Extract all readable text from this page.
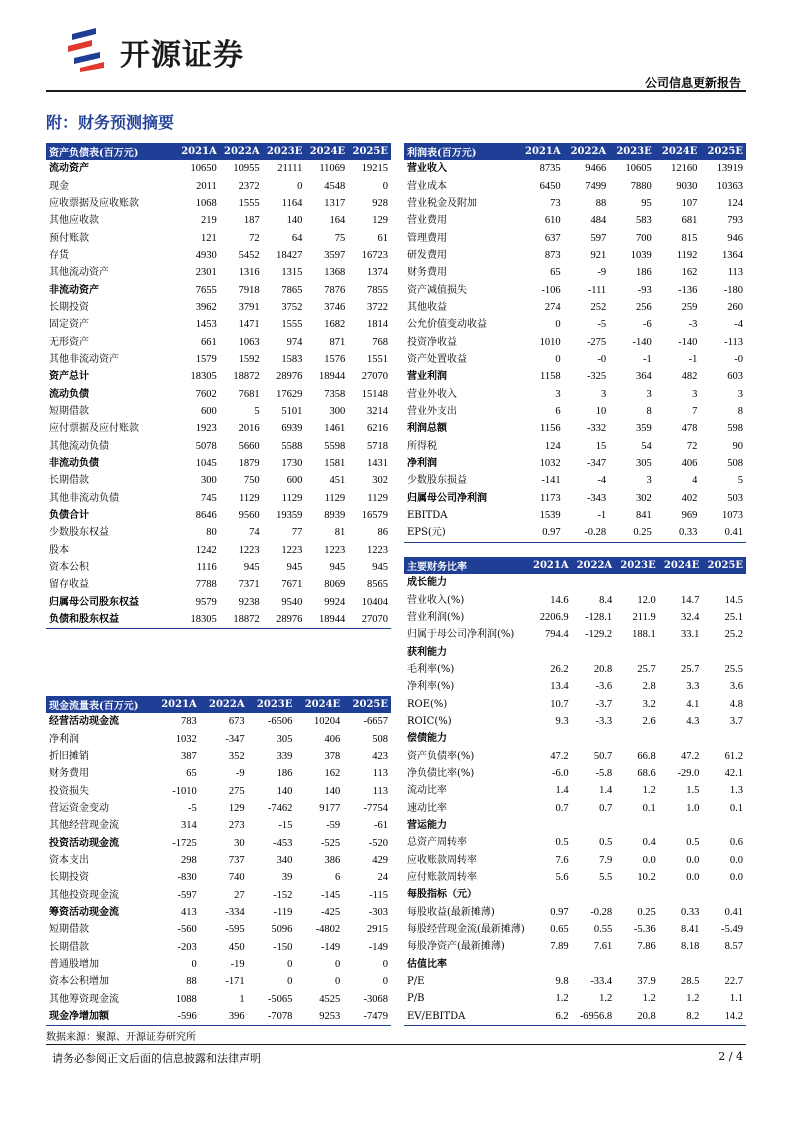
开源证券
公司信息更新报告
附：财务预测摘要
资产负债表(百万元)	2021A	2022A	2023E	2024E	2025E
流动资产	10650	10955	21111	11069	19215
现金	2011	2372	0	4548	0
应收票据及应收账款	1068	1555	1164	1317	928
其他应收款	219	187	140	164	129
预付账款	121	72	64	75	61
存货	4930	5452	18427	3597	16723
其他流动资产	2301	1316	1315	1368	1374
非流动资产	7655	7918	7865	7876	7855
长期投资	3962	3791	3752	3746	3722
固定资产	1453	1471	1555	1682	1814
无形资产	661	1063	974	871	768
其他非流动资产	1579	1592	1583	1576	1551
资产总计	18305	18872	28976	18944	27070
流动负债	7602	7681	17629	7358	15148
短期借款	600	5	5101	300	3214
应付票据及应付账款	1923	2016	6939	1461	6216
其他流动负债	5078	5660	5588	5598	5718
非流动负债	1045	1879	1730	1581	1431
长期借款	300	750	600	451	302
其他非流动负债	745	1129	1129	1129	1129
负债合计	8646	9560	19359	8939	16579
少数股东权益	80	74	77	81	86
股本	1242	1223	1223	1223	1223
资本公积	1116	945	945	945	945
留存收益	7788	7371	7671	8069	8565
归属母公司股东权益	9579	9238	9540	9924	10404
负债和股东权益	18305	18872	28976	18944	27070
利润表(百万元)	2021A	2022A	2023E	2024E	2025E
营业收入	8735	9466	10605	12160	13919
营业成本	6450	7499	7880	9030	10363
营业税金及附加	73	88	95	107	124
营业费用	610	484	583	681	793
管理费用	637	597	700	815	946
研发费用	873	921	1039	1192	1364
财务费用	65	-9	186	162	113
资产减值损失	-106	-111	-93	-136	-180
其他收益	274	252	256	259	260
公允价值变动收益	0	-5	-6	-3	-4
投资净收益	1010	-275	-140	-140	-113
资产处置收益	0	-0	-1	-1	-0
营业利润	1158	-325	364	482	603
营业外收入	3	3	3	3	3
营业外支出	6	10	8	7	8
利润总额	1156	-332	359	478	598
所得税	124	15	54	72	90
净利润	1032	-347	305	406	508
少数股东损益	-141	-4	3	4	5
归属母公司净利润	1173	-343	302	402	503
EBITDA	1539	-1	841	969	1073
EPS(元)	0.97	-0.28	0.25	0.33	0.41
主要财务比率	2021A	2022A	2023E	2024E	2025E
成长能力					
营业收入(%)	14.6	8.4	12.0	14.7	14.5
营业利润(%)	2206.9	-128.1	211.9	32.4	25.1
归属于母公司净利润(%)	794.4	-129.2	188.1	33.1	25.2
获利能力					
毛利率(%)	26.2	20.8	25.7	25.7	25.5
净利率(%)	13.4	-3.6	2.8	3.3	3.6
ROE(%)	10.7	-3.7	3.2	4.1	4.8
ROIC(%)	9.3	-3.3	2.6	4.3	3.7
偿债能力					
资产负债率(%)	47.2	50.7	66.8	47.2	61.2
净负债比率(%)	-6.0	-5.8	68.6	-29.0	42.1
流动比率	1.4	1.4	1.2	1.5	1.3
速动比率	0.7	0.7	0.1	1.0	0.1
营运能力					
总资产周转率	0.5	0.5	0.4	0.5	0.6
应收账款周转率	7.6	7.9	0.0	0.0	0.0
应付账款周转率	5.6	5.5	10.2	0.0	0.0
每股指标（元）					
每股收益(最新摊薄)	0.97	-0.28	0.25	0.33	0.41
每股经营现金流(最新摊薄)	0.65	0.55	-5.36	8.41	-5.49
每股净资产(最新摊薄)	7.89	7.61	7.86	8.18	8.57
估值比率					
P/E	9.8	-33.4	37.9	28.5	22.7
P/B	1.2	1.2	1.2	1.2	1.1
EV/EBITDA	6.2	-6956.8	20.8	8.2	14.2
现金流量表(百万元)	2021A	2022A	2023E	2024E	2025E
经营活动现金流	783	673	-6506	10204	-6657
净利润	1032	-347	305	406	508
折旧摊销	387	352	339	378	423
财务费用	65	-9	186	162	113
投资损失	-1010	275	140	140	113
营运资金变动	-5	129	-7462	9177	-7754
其他经营现金流	314	273	-15	-59	-61
投资活动现金流	-1725	30	-453	-525	-520
资本支出	298	737	340	386	429
长期投资	-830	740	39	6	24
其他投资现金流	-597	27	-152	-145	-115
筹资活动现金流	413	-334	-119	-425	-303
短期借款	-560	-595	5096	-4802	2915
长期借款	-203	450	-150	-149	-149
普通股增加	0	-19	0	0	0
资本公积增加	88	-171	0	0	0
其他筹资现金流	1088	1	-5065	4525	-3068
现金净增加额	-596	396	-7078	9253	-7479
数据来源：聚源、开源证券研究所
请务必参阅正文后面的信息披露和法律声明	2 / 4
